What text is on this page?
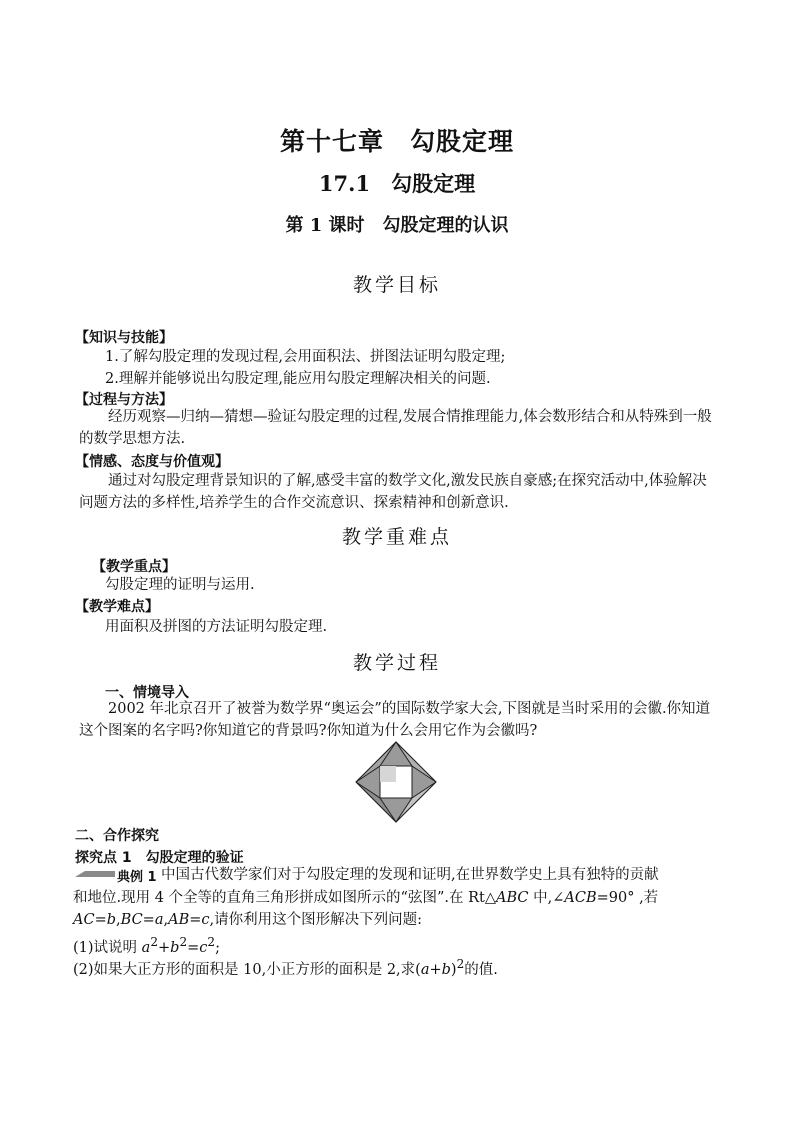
第十七章　勾股定理
17.1　勾股定理
第 1 课时　勾股定理的认识
教学目标
【知识与技能】
1.了解勾股定理的发现过程,会用面积法、拼图法证明勾股定理;
2.理解并能够说出勾股定理,能应用勾股定理解决相关的问题.
【过程与方法】
经历观察—归纳—猜想—验证勾股定理的过程,发展合情推理能力,体会数形结合和从特殊到一般的数学思想方法.
【情感、态度与价值观】
通过对勾股定理背景知识的了解,感受丰富的数学文化,激发民族自豪感;在探究活动中,体验解决问题方法的多样性,培养学生的合作交流意识、探索精神和创新意识.
教学重难点
【教学重点】
勾股定理的证明与运用.
【教学难点】
用面积及拼图的方法证明勾股定理.
教学过程
一、情境导入
2002 年北京召开了被誉为数学界“奥运会”的国际数学家大会,下图就是当时采用的会徽.你知道这个图案的名字吗?你知道它的背景吗?你知道为什么会用它作为会徽吗?
二、合作探究
探究点 1　勾股定理的验证
典例 1 中国古代数学家们对于勾股定理的发现和证明,在世界数学史上具有独特的贡献
和地位.现用 4 个全等的直角三角形拼成如图所示的“弦图”.在 Rt△ABC 中,∠ACB=90° ,若
AC=b,BC=a,AB=c,请你利用这个图形解决下列问题:
(1)试说明 $a^2+b^2=c^2$;
(2)如果大正方形的面积是 10,小正方形的面积是 2,求$(a+b)^2$的值.
